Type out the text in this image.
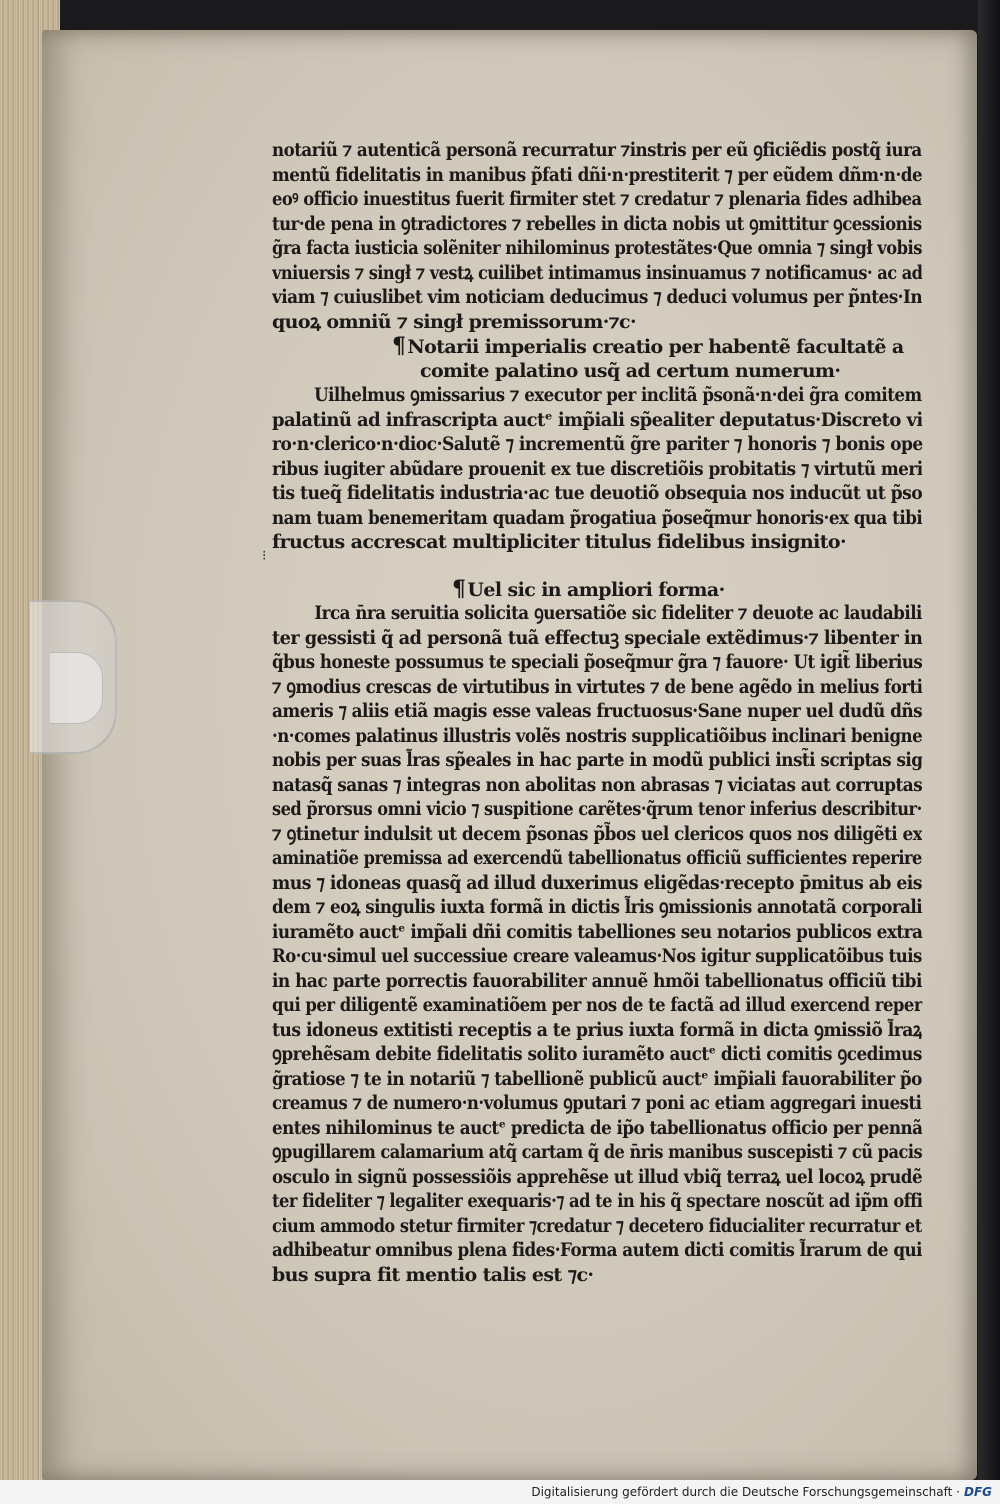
⁝
notariũ ⁊ autenticã personã recurratur ⁊instris per eũ ꝯficiẽdis postq̃ iura
mentũ fidelitatis in manibus p̃fati dñi·n·prestiterit ⁊ per eũdem dñm·n·de
eoꝰ officio inuestitus fuerit firmiter stet ⁊ credatur ⁊ plenaria fides adhibea
tur·de pena in ꝯtradictores ⁊ rebelles in dicta nobis ut ꝯmittitur ꝯcessionis
g̃ra facta iusticia solẽniter nihilominus protestãtes·Que omnia ⁊ singł vobis
vniuersis ⁊ singł ⁊ vestꝝ cuilibet intimamus insinuamus ⁊ notificamus· ac ad
viam ⁊ cuiuslibet vim noticiam deducimus ⁊ deduci volumus per p̃ntes·In
quoꝝ omniũ ⁊ singł premissorum·⁊c·
¶ Notarii imperialis creatio per habentẽ facultatẽ a
comite palatino usq̃ ad certum numerum·
Uilhelmus ꝯmissarius ⁊ executor per inclitã p̃sonã·n·dei g̃ra comitem
palatinũ ad infrascripta auctᵉ imp̃iali sp̃ealiter deputatus·Discreto vi
ro·n·clerico·n·dioc·Salutẽ ⁊ incrementũ g̃re pariter ⁊ honoris ⁊ bonis ope
ribus iugiter abũdare prouenit ex tue discretiõis probitatis ⁊ virtutũ meri
tis tueq̃ fidelitatis industria·ac tue deuotiõ obsequia nos inducũt ut p̃so
nam tuam benemeritam quadam p̃rogatiua p̃oseq̃mur honoris·ex qua tibi
fructus accrescat multipliciter titulus fidelibus insignito·
¶ Uel sic in ampliori forma·
Irca n̄ra seruitia solicita ꝯuersatiõe sic fideliter ⁊ deuote ac laudabili
ter gessisti q̃ ad personã tuã effectuꝫ speciale extẽdimus·⁊ libenter in
q̃bus honeste possumus te speciali p̃oseq̃mur g̃ra ⁊ fauore· Ut igit̃ liberius
⁊ ꝯmodius crescas de virtutibus in virtutes ⁊ de bene agẽdo in melius forti
ameris ⁊ aliis etiã magis esse valeas fructuosus·Sane nuper uel dudũ dñs
·n·comes palatinus illustris volẽs nostris supplicatiõibus inclinari benigne
nobis per suas l̃ras sp̃eales in hac parte in modũ publici inst̃i scriptas sig
natasq̃ sanas ⁊ integras non abolitas non abrasas ⁊ viciatas aut corruptas
sed p̃rorsus omni vicio ⁊ suspitione carẽtes·q̃rum tenor inferius describitur·
⁊ ꝯtinetur indulsit ut decem p̃sonas p̃b̃os uel clericos quos nos diligẽti ex
aminatiõe premissa ad exercendũ tabellionatus officiũ sufficientes reperire
mus ⁊ idoneas quasq̃ ad illud duxerimus eligẽdas·recepto p̄mitus ab eis
dem ⁊ eoꝝ singulis iuxta formã in dictis l̃ris ꝯmissionis annotatã corporali
iuramẽto auctᵉ imp̃ali dñi comitis tabelliones seu notarios publicos extra
Ro·cu·simul uel successiue creare valeamus·Nos igitur supplicatõibus tuis
in hac parte porrectis fauorabiliter annuẽ hmõi tabellionatus officiũ tibi
qui per diligentẽ examinatiõem per nos de te factã ad illud exercend reper
tus idoneus extitisti receptis a te prius iuxta formã in dicta ꝯmissiõ l̃raꝝ
ꝯprehẽsam debite fidelitatis solito iuramẽto auctᵉ dicti comitis ꝯcedimus
g̃ratiose ⁊ te in notariũ ⁊ tabellionẽ publicũ auctᵉ imp̃iali fauorabiliter p̃o
creamus ⁊ de numero·n·volumus ꝯputari ⁊ poni ac etiam aggregari inuesti
entes nihilominus te auctᵉ predicta de ip̃o tabellionatus officio per pennã
ꝯpugillarem calamarium atq̃ cartam q̃ de n̄ris manibus suscepisti ⁊ cũ pacis
osculo in signũ possessiõis apprehẽse ut illud vbiq̃ terraꝝ uel locoꝝ prudẽ
ter fideliter ⁊ legaliter exequaris·⁊ ad te in his q̃ spectare noscũt ad ip̃m offi
cium ammodo stetur firmiter ⁊credatur ⁊ decetero fiducialiter recurratur et
adhibeatur omnibus plena fides·Forma autem dicti comitis l̃rarum de qui
bus supra fit mentio talis est ⁊c·
Digitalisierung gefördert durch die Deutsche Forschungsgemeinschaft · DFG
